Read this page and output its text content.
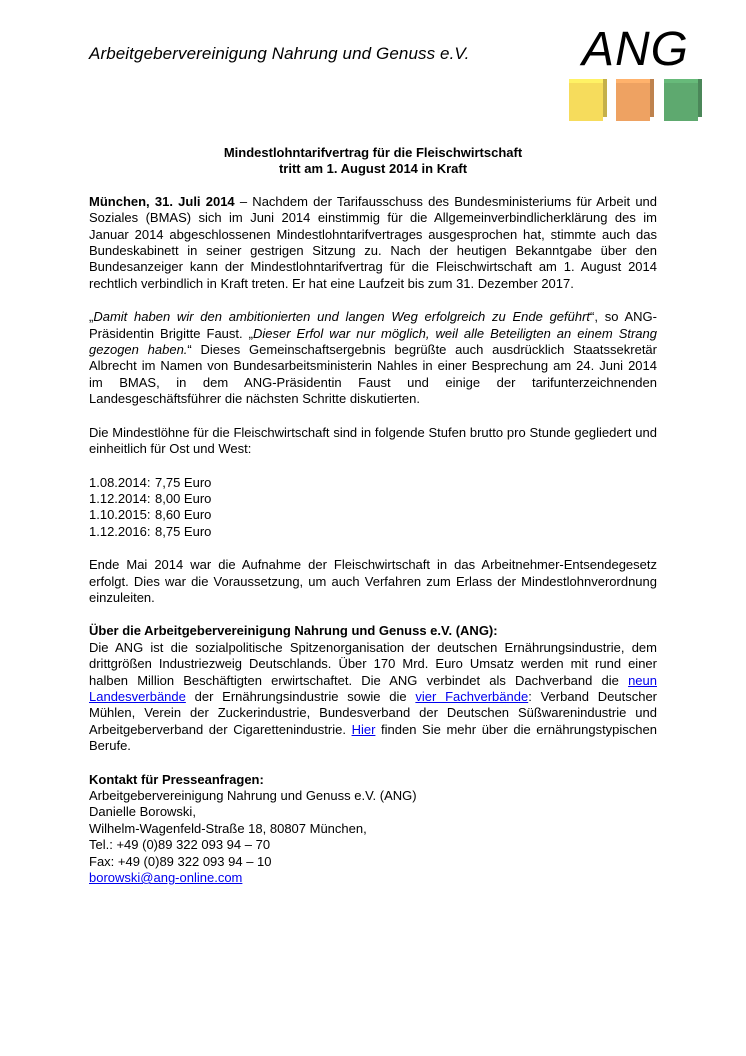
Arbeitgebervereinigung Nahrung und Genuss e.V. ANG
Mindestlohntarifvertrag für die Fleischwirtschaft
tritt am 1. August 2014 in Kraft

München, 31. Juli 2014 – Nachdem der Tarifausschuss des Bundesministeriums für Arbeit und Soziales (BMAS) sich im Juni 2014 einstimmig für die Allgemeinverbindlicherklärung des im Januar 2014 abgeschlossenen Mindestlohntarifvertrages ausgesprochen hat, stimmte auch das Bundeskabinett in seiner gestrigen Sitzung zu. Nach der heutigen Bekanntgabe über den Bundesanzeiger kann der Mindestlohntarifvertrag für die Fleischwirtschaft am 1. August 2014 rechtlich verbindlich in Kraft treten. Er hat eine Laufzeit bis zum 31. Dezember 2017.

„Damit haben wir den ambitionierten und langen Weg erfolgreich zu Ende geführt“, so ANG-Präsidentin Brigitte Faust. „Dieser Erfol war nur möglich, weil alle Beteiligten an einem Strang gezogen haben.“ Dieses Gemeinschaftsergebnis begrüßte auch ausdrücklich Staatssekretär Albrecht im Namen von Bundesarbeitsministerin Nahles in einer Besprechung am 24. Juni 2014 im BMAS, in dem ANG-Präsidentin Faust und einige der tarifunterzeichnenden Landesgeschäftsführer die nächsten Schritte diskutierten.

Die Mindestlöhne für die Fleischwirtschaft sind in folgende Stufen brutto pro Stunde gegliedert und einheitlich für Ost und West:

1.08.2014:	7,75 Euro
1.12.2014:	8,00 Euro
1.10.2015:	8,60 Euro
1.12.2016:	8,75 Euro

Ende Mai 2014 war die Aufnahme der Fleischwirtschaft in das Arbeitnehmer-Entsendegesetz erfolgt. Dies war die Voraussetzung, um auch Verfahren zum Erlass der Mindestlohnverordnung einzuleiten.

Über die Arbeitgebervereinigung Nahrung und Genuss e.V. (ANG):
Die ANG ist die sozialpolitische Spitzenorganisation der deutschen Ernährungsindustrie, dem drittgrößen Industriezweig Deutschlands. Über 170 Mrd. Euro Umsatz werden mit rund einer halben Million Beschäftigten erwirtschaftet. Die ANG verbindet als Dachverband die neun Landesverbände der Ernährungsindustrie sowie die vier Fachverbände: Verband Deutscher Mühlen, Verein der Zuckerindustrie, Bundesverband der Deutschen Süßwarenindustrie und Arbeitgeberverband der Cigarettenindustrie. Hier finden Sie mehr über die ernährungstypischen Berufe.

Kontakt für Presseanfragen:
Arbeitgebervereinigung Nahrung und Genuss e.V. (ANG)
Danielle Borowski,
Wilhelm-Wagenfeld-Straße 18, 80807 München,
Tel.: +49 (0)89 322 093 94 – 70
Fax: +49 (0)89 322 093 94 – 10
borowski@ang-online.com
